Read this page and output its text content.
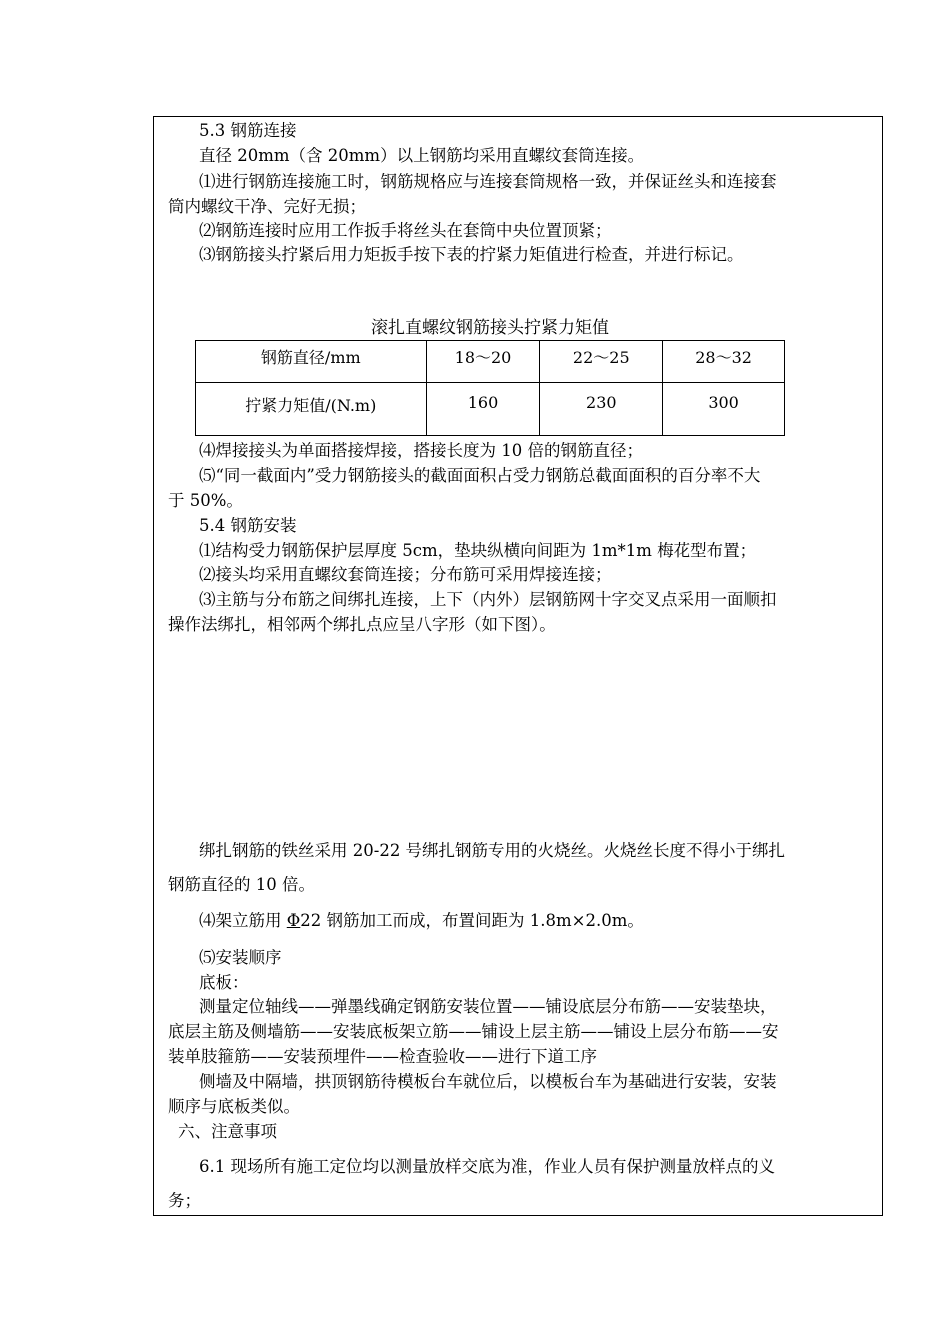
5.3 钢筋连接
直径 20mm（含 20mm）以上钢筋均采用直螺纹套筒连接。
⑴进行钢筋连接施工时，钢筋规格应与连接套筒规格一致，并保证丝头和连接套
筒内螺纹干净、完好无损；
⑵钢筋连接时应用工作扳手将丝头在套筒中央位置顶紧；
⑶钢筋接头拧紧后用力矩扳手按下表的拧紧力矩值进行检查，并进行标记。
滚扎直螺纹钢筋接头拧紧力矩值
钢筋直径/mm	18～20	22～25	28～32
拧紧力矩值/(N.m)	160	230	300
⑷焊接接头为单面搭接焊接，搭接长度为 10 倍的钢筋直径；
⑸“同一截面内”受力钢筋接头的截面面积占受力钢筋总截面面积的百分率不大
于 50%。
5.4 钢筋安装
⑴结构受力钢筋保护层厚度 5cm，垫块纵横向间距为 1m*1m 梅花型布置；
⑵接头均采用直螺纹套筒连接；分布筋可采用焊接连接；
⑶主筋与分布筋之间绑扎连接，上下（内外）层钢筋网十字交叉点采用一面顺扣
操作法绑扎，相邻两个绑扎点应呈八字形（如下图）。
绑扎钢筋的铁丝采用 20-22 号绑扎钢筋专用的火烧丝。火烧丝长度不得小于绑扎
钢筋直径的 10 倍。
⑷架立筋用 Φ22 钢筋加工而成，布置间距为 1.8m×2.0m。
⑸安装顺序
底板：
测量定位轴线——弹墨线确定钢筋安装位置——铺设底层分布筋——安装垫块，
底层主筋及侧墙筋——安装底板架立筋——铺设上层主筋——铺设上层分布筋——安
装单肢箍筋——安装预埋件——检查验收——进行下道工序
侧墙及中隔墙，拱顶钢筋待模板台车就位后，以模板台车为基础进行安装，安装
顺序与底板类似。
六、注意事项
6.1 现场所有施工定位均以测量放样交底为准，作业人员有保护测量放样点的义
务；
